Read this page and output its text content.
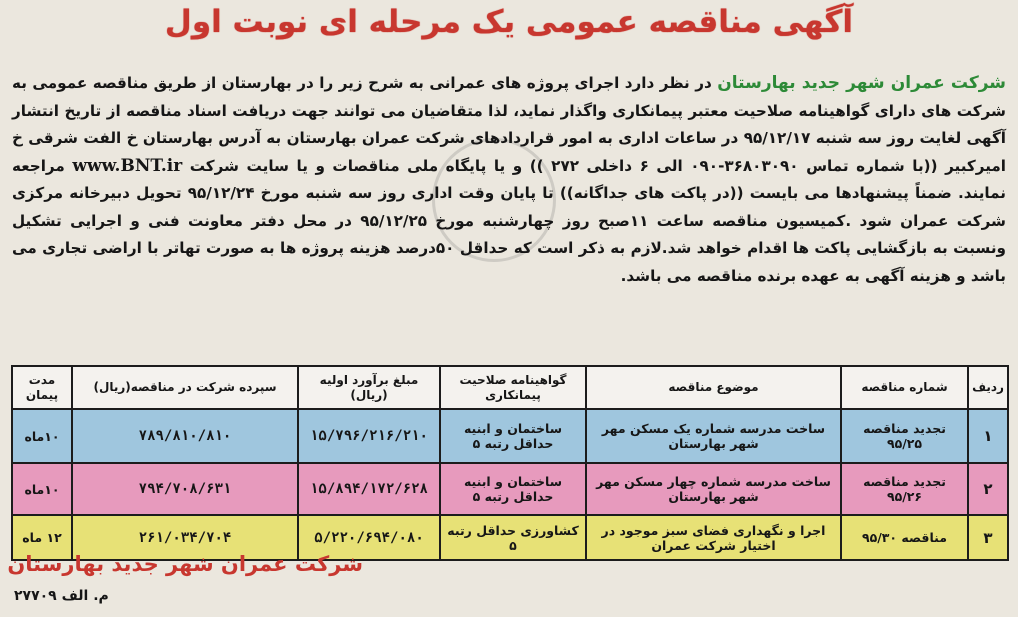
آگهی مناقصه عمومی یک مرحله ای نوبت اول
شرکت عمران شهر جدید بهارستان در نظر دارد اجرای پروژه های عمرانی به شرح زیر را در بهارستان از طریق مناقصه عمومی به شرکت های دارای گواهینامه صلاحیت معتبر پیمانکاری واگذار نماید، لذا متقاضیان می توانند جهت دریافت اسناد مناقصه از تاریخ انتشار آگهی لغایت روز سه شنبه ۹۵/۱۲/۱۷ در ساعات اداری به امور قراردادهای شرکت عمران بهارستان به آدرس بهارستان خ الفت شرقی خ امیرکبیر ((با شماره تماس ۳۶۸۰۳۰۹۰-۰۹۰ الی ۶ داخلی ۲۷۲ )) و یا پایگاه ملی مناقصات و یا سایت شرکت www.BNT.ir مراجعه نمایند. ضمناً پیشنهادها می بایست ((در پاکت های جداگانه)) تا پایان وقت اداری روز سه شنبه مورخ ۹۵/۱۲/۲۴ تحویل دبیرخانه مرکزی شرکت عمران شود .کمیسیون مناقصه ساعت ۱۱صبح روز چهارشنبه مورخ ۹۵/۱۲/۲۵ در محل دفتر معاونت فنی و اجرایی تشکیل ونسبت به بازگشایی پاکت ها اقدام خواهد شد.لازم به ذکر است که حداقل ۵۰درصد هزینه پروژه ها به صورت تهاتر با اراضی تجاری می باشد و هزینه آگهی به عهده برنده مناقصه می باشد.
ردیف	شماره مناقصه	موضوع مناقصه	گواهینامه صلاحیت پیمانکاری	مبلغ برآورد اولیه (ریال)	سپرده شرکت در مناقصه(ریال)	مدت پیمان
۱	تجدید مناقصه ۹۵/۲۵	ساخت مدرسه شماره یک مسکن مهر شهر بهارستان	ساختمان و ابنیه حداقل رتبه ۵	۱۵/۷۹۶/۲۱۶/۲۱۰	۷۸۹/۸۱۰/۸۱۰	۱۰ماه
۲	تجدید مناقصه ۹۵/۲۶	ساخت مدرسه شماره چهار مسکن مهر شهر بهارستان	ساختمان و ابنیه حداقل رتبه ۵	۱۵/۸۹۴/۱۷۲/۶۲۸	۷۹۴/۷۰۸/۶۳۱	۱۰ماه
۳	مناقصه ۹۵/۳۰	اجرا و نگهداری فضای سبز موجود در اختیار شرکت عمران	کشاورزی حداقل رتبه ۵	۵/۲۲۰/۶۹۴/۰۸۰	۲۶۱/۰۳۴/۷۰۴	۱۲ ماه
شرکت عمران شهر جدید بهارستان
م. الف ۲۷۷۰۹
